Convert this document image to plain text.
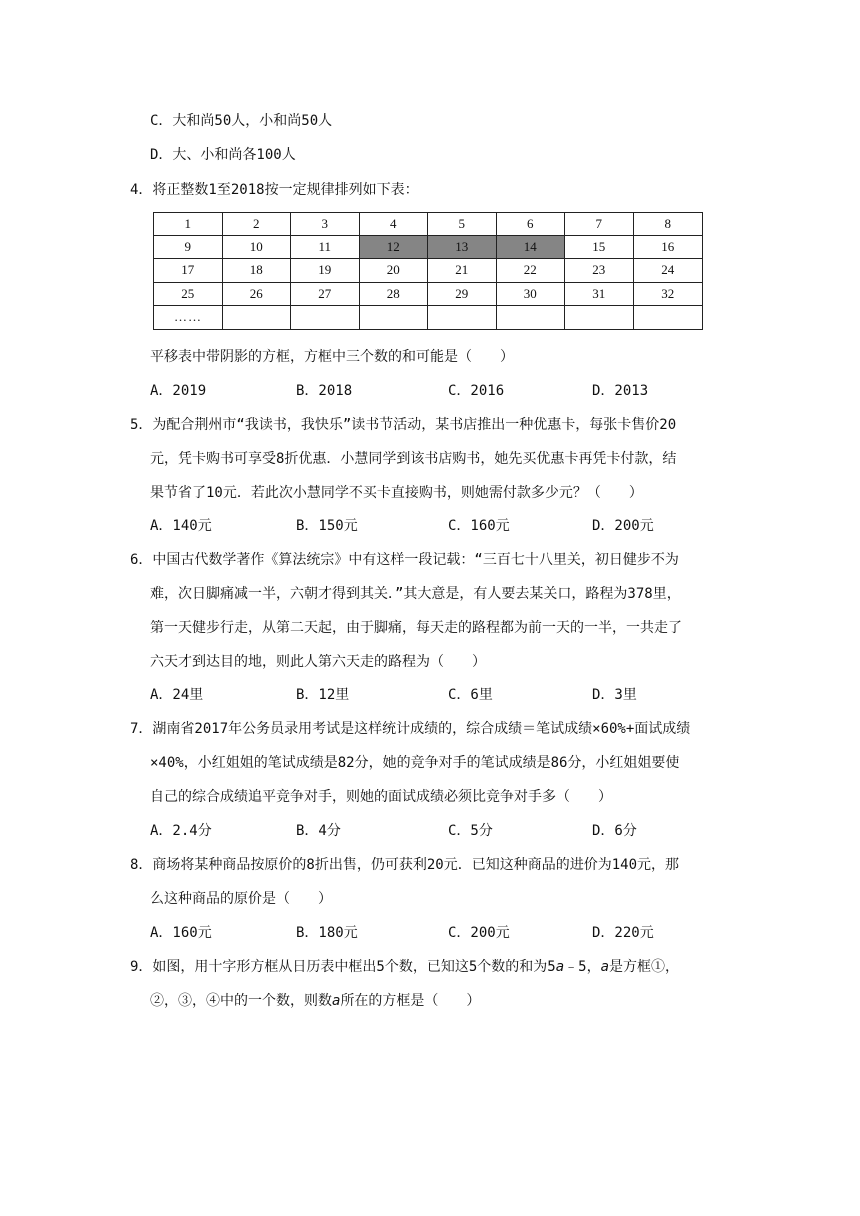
C．大和尚50人，小和尚50人
D．大、小和尚各100人
4．将正整数1至2018按一定规律排列如下表：
1	2	3	4	5	6	7	8
9	10	11	12	13	14	15	16
17	18	19	20	21	22	23	24
25	26	27	28	29	30	31	32
……
平移表中带阴影的方框，方框中三个数的和可能是（　　）
A．2019	B．2018	C．2016	D．2013
5．为配合荆州市“我读书，我快乐”读书节活动，某书店推出一种优惠卡，每张卡售价20
元，凭卡购书可享受8折优惠．小慧同学到该书店购书，她先买优惠卡再凭卡付款，结
果节省了10元．若此次小慧同学不买卡直接购书，则她需付款多少元？（　　）
A．140元	B．150元	C．160元	D．200元
6．中国古代数学著作《算法统宗》中有这样一段记载：“三百七十八里关，初日健步不为
难，次日脚痛减一半，六朝才得到其关．”其大意是，有人要去某关口，路程为378里，
第一天健步行走，从第二天起，由于脚痛，每天走的路程都为前一天的一半，一共走了
六天才到达目的地，则此人第六天走的路程为（　　）
A．24里	B．12里	C．6里	D．3里
7．湖南省2017年公务员录用考试是这样统计成绩的，综合成绩＝笔试成绩×60%+面试成绩
×40%，小红姐姐的笔试成绩是82分，她的竞争对手的笔试成绩是86分，小红姐姐要使
自己的综合成绩追平竞争对手，则她的面试成绩必须比竞争对手多（　　）
A．2.4分	B．4分	C．5分	D．6分
8．商场将某种商品按原价的8折出售，仍可获利20元．已知这种商品的进价为140元，那
么这种商品的原价是（　　）
A．160元	B．180元	C．200元	D．220元
9．如图，用十字形方框从日历表中框出5个数，已知这5个数的和为5a﹣5，a是方框①，
②，③，④中的一个数，则数a所在的方框是（　　）
